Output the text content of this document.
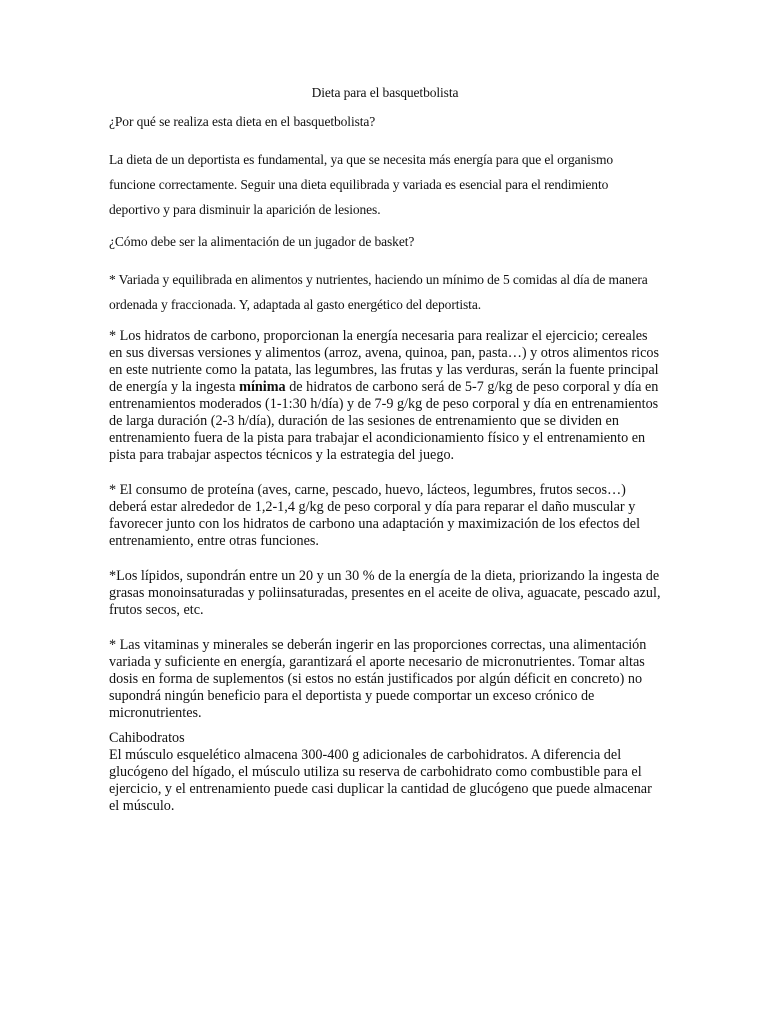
Dieta para el basquetbolista

¿Por qué se realiza esta dieta en el basquetbolista?

La dieta de un deportista es fundamental, ya que se necesita más energía para que el organismo funcione correctamente. Seguir una dieta equilibrada y variada es esencial para el rendimiento deportivo y para disminuir la aparición de lesiones.

¿Cómo debe ser la alimentación de un jugador de basket?

* Variada y equilibrada en alimentos y nutrientes, haciendo un mínimo de 5 comidas al día de manera ordenada y fraccionada. Y, adaptada al gasto energético del deportista.

* Los hidratos de carbono, proporcionan la energía necesaria para realizar el ejercicio; cereales en sus diversas versiones y alimentos (arroz, avena, quinoa, pan, pasta…) y otros alimentos ricos en este nutriente como la patata, las legumbres, las frutas y las verduras, serán la fuente principal de energía y la ingesta mínima de hidratos de carbono será de 5-7 g/kg de peso corporal y día en entrenamientos moderados (1-1:30 h/día) y de 7-9 g/kg de peso corporal y día en entrenamientos de larga duración (2-3 h/día), duración de las sesiones de entrenamiento que se dividen en entrenamiento fuera de la pista para trabajar el acondicionamiento físico y el entrenamiento en pista para trabajar aspectos técnicos y la estrategia del juego.

* El consumo de proteína (aves, carne, pescado, huevo, lácteos, legumbres, frutos secos…) deberá estar alrededor de 1,2-1,4 g/kg de peso corporal y día para reparar el daño muscular y favorecer junto con los hidratos de carbono una adaptación y maximización de los efectos del entrenamiento, entre otras funciones.

*Los lípidos, supondrán entre un 20 y un 30 % de la energía de la dieta, priorizando la ingesta de grasas monoinsaturadas y poliinsaturadas, presentes en el aceite de oliva, aguacate, pescado azul, frutos secos, etc.

* Las vitaminas y minerales se deberán ingerir en las proporciones correctas, una alimentación variada y suficiente en energía, garantizará el aporte necesario de micronutrientes. Tomar altas dosis en forma de suplementos (si estos no están justificados por algún déficit en concreto) no supondrá ningún beneficio para el deportista y puede comportar un exceso crónico de micronutrientes.

Cahibodratos

El músculo esquelético almacena 300-400 g adicionales de carbohidratos. A diferencia del glucógeno del hígado, el músculo utiliza su reserva de carbohidrato como combustible para el ejercicio, y el entrenamiento puede casi duplicar la cantidad de glucógeno que puede almacenar el músculo.
